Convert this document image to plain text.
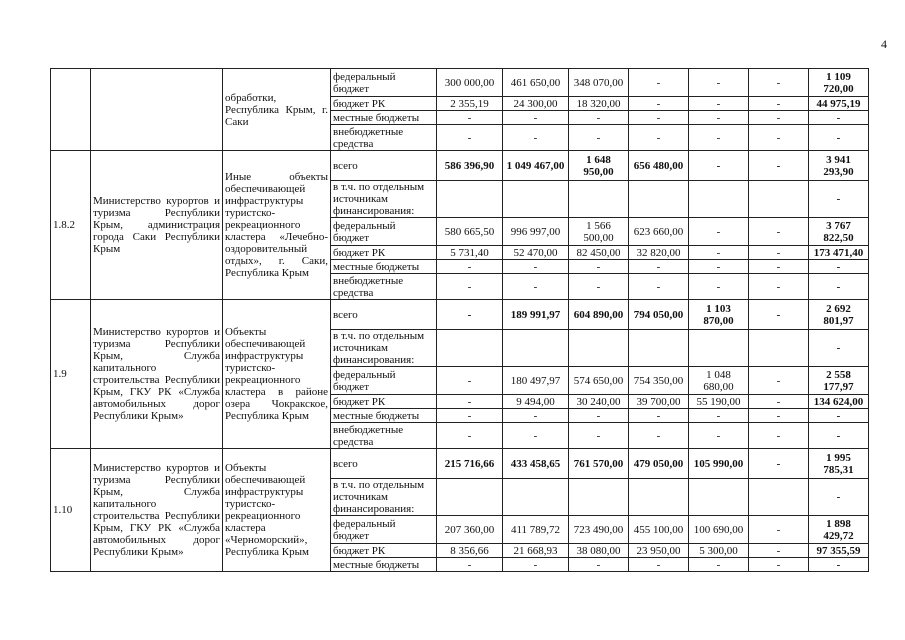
4
		обработки, Республика Крым, г. Саки	федеральный бюджет	300 000,00	461 650,00	348 070,00	-	-	-	1 109 720,00
			бюджет РК	2 355,19	24 300,00	18 320,00	-	-	-	44 975,19
			местные бюджеты	-	-	-	-	-	-	-
			внебюджетные средства	-	-	-	-	-	-	-
1.8.2	Министерство курортов и туризма Республики Крым, администрация города Саки Республики Крым	Иные объекты обеспечивающей инфраструктуры туристско-рекреационного кластера «Лечебно-оздоровительный отдых», г. Саки, Республика Крым	всего	586 396,90	1 049 467,00	1 648 950,00	656 480,00	-	-	3 941 293,90
			в т.ч. по отдельным источникам финансирования:							-
			федеральный бюджет	580 665,50	996 997,00	1 566 500,00	623 660,00	-	-	3 767 822,50
			бюджет РК	5 731,40	52 470,00	82 450,00	32 820,00	-	-	173 471,40
			местные бюджеты	-	-	-	-	-	-	-
			внебюджетные средства	-	-	-	-	-	-	-
1.9	Министерство курортов и туризма Республики Крым, Служба капитального строительства Республики Крым, ГКУ РК «Служба автомобильных дорог Республики Крым»	Объекты обеспечивающей инфраструктуры туристско-рекреационного кластера в районе озера Чокракское, Республика Крым	всего	-	189 991,97	604 890,00	794 050,00	1 103 870,00	-	2 692 801,97
			в т.ч. по отдельным источникам финансирования:							-
			федеральный бюджет	-	180 497,97	574 650,00	754 350,00	1 048 680,00	-	2 558 177,97
			бюджет РК	-	9 494,00	30 240,00	39 700,00	55 190,00	-	134 624,00
			местные бюджеты	-	-	-	-	-	-	-
			внебюджетные средства	-	-	-	-	-	-	-
1.10	Министерство курортов и туризма Республики Крым, Служба капитального строительства Республики Крым, ГКУ РК «Служба автомобильных дорог Республики Крым»	Объекты обеспечивающей инфраструктуры туристско-рекреационного кластера «Черноморский», Республика Крым	всего	215 716,66	433 458,65	761 570,00	479 050,00	105 990,00	-	1 995 785,31
			в т.ч. по отдельным источникам финансирования:							-
			федеральный бюджет	207 360,00	411 789,72	723 490,00	455 100,00	100 690,00	-	1 898 429,72
			бюджет РК	8 356,66	21 668,93	38 080,00	23 950,00	5 300,00	-	97 355,59
			местные бюджеты	-	-	-	-	-	-	-
